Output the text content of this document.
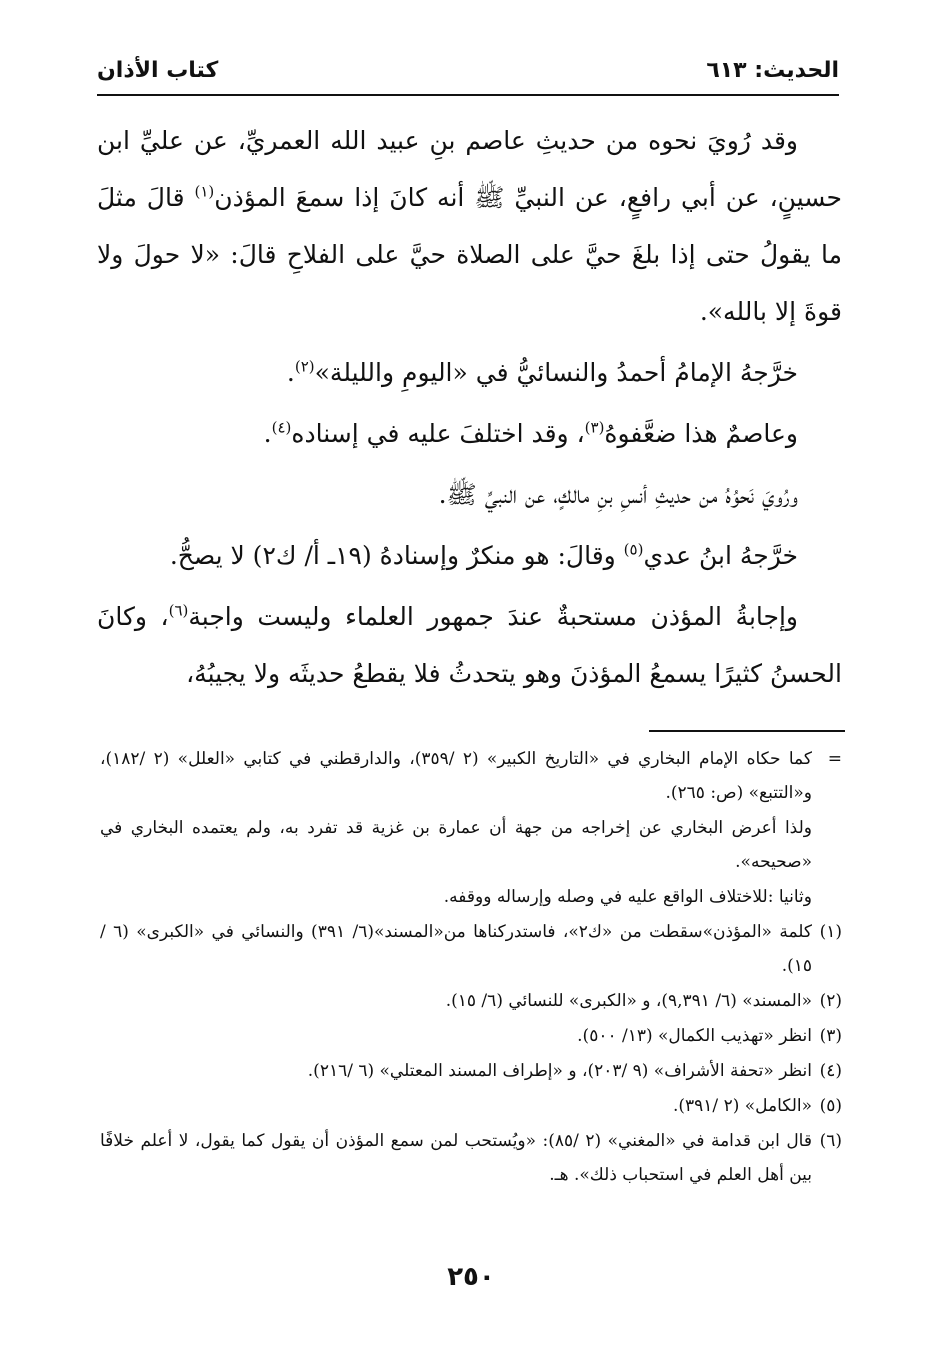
الحديث: ٦١٣
كتاب الأذان

وقد رُويَ نحوه من حديثِ عاصم بنِ عبيد الله العمريِّ، عن عليِّ ابن حسينٍ، عن أبي رافعٍ، عن النبيِّ ﷺ أنه كانَ إذا سمعَ المؤذن$^{(١)}$ قالَ مثلَ ما يقولُ حتى إذا بلغَ حيَّ على الصلاة حيَّ على الفلاحِ قالَ: «لا حولَ ولا قوةَ إلا بالله».

خرَّجهُ الإمامُ أحمدُ والنسائيُّ في «اليومِ والليلة»$^{(٢)}$.

وعاصمٌ هذا ضعَّفوهُ$^{(٣)}$، وقد اختلفَ عليه في إسناده$^{(٤)}$.

ورُويَ نَحوُهُ من حديثِ أنسِ بنِ مالكٍ، عن النبيِّ ﷺ.

خرَّجهُ ابنُ عدي$^{(٥)}$ وقالَ: هو منكرٌ وإسنادهُ (١٩ـ أ/ ك٢) لا يصحُّ.

وإجابةُ المؤذن مستحبةٌ عندَ جمهور العلماء وليست واجبة$^{(٦)}$، وكانَ الحسنُ كثيرًا يسمعُ المؤذنَ وهو يتحدثُ فلا يقطعُ حديثَه ولا يجيبُهُ،

=كما حكاه الإمام البخاري في «التاريخ الكبير» (٢ /٣٥٩)، والدارقطني في كتابي «العلل» (٢ /١٨٢)، و«التتبع» (ص: ٢٦٥).

ولذا أعرض البخاري عن إخراجه من جهة أن عمارة بن غزية قد تفرد به، ولم يعتمده البخاري في «صحيحه».

وثانيا :للاختلاف الواقع عليه في وصله وإرساله ووقفه.

(١)كلمة «المؤذن»سقطت من «ك٢»، فاستدركناها من«المسند»(٦/ ٣٩١) والنسائي في «الكبرى» (٦ /١٥).

(٢)«المسند» (٦/ ٩,٣٩١)، و «الكبرى» للنسائي (٦/ ١٥).

(٣)انظر «تهذيب الكمال» (١٣/ ٥٠٠).

(٤)انظر «تحفة الأشراف» (٩ /٢٠٣)، و «إطراف المسند المعتلي» (٦ /٢١٦).

(٥)«الكامل» (٢ /٣٩١).

(٦)قال ابن قدامة في «المغني» (٢ /٨٥): «ويُستحب لمن سمع المؤذن أن يقول كما يقول، لا أعلم خلافًا بين أهل العلم في استحباب ذلك». هـ.

٢٥٠
